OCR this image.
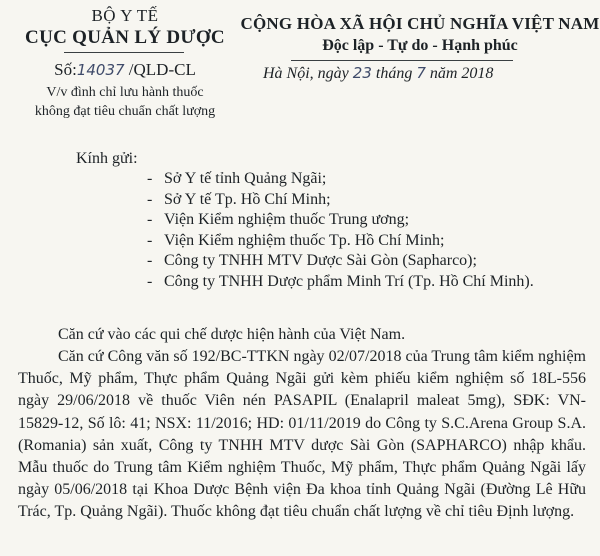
BỘ Y TẾ
CỤC QUẢN LÝ DƯỢC
Số:14037 /QLD-CL
V/v đình chỉ lưu hành thuốc
không đạt tiêu chuẩn chất lượng
CỘNG HÒA XÃ HỘI CHỦ NGHĨA VIỆT NAM
Độc lập - Tự do - Hạnh phúc
Hà Nội, ngày 23 tháng 7 năm 2018
Kính gửi:
- Sở Y tế tỉnh Quảng Ngãi;
- Sở Y tế Tp. Hồ Chí Minh;
- Viện Kiểm nghiệm thuốc Trung ương;
- Viện Kiểm nghiệm thuốc Tp. Hồ Chí Minh;
- Công ty TNHH MTV Dược Sài Gòn (Sapharco);
- Công ty TNHH Dược phẩm Minh Trí (Tp. Hồ Chí Minh).
Căn cứ vào các qui chế dược hiện hành của Việt Nam.
Căn cứ Công văn số 192/BC-TTKN ngày 02/07/2018 của Trung tâm kiểm nghiệm Thuốc, Mỹ phẩm, Thực phẩm Quảng Ngãi gửi kèm phiếu kiểm nghiệm số 18L-556 ngày 29/06/2018 về thuốc Viên nén PASAPIL (Enalapril maleat 5mg), SĐK: VN-15829-12, Số lô: 41; NSX: 11/2016; HD: 01/11/2019 do Công ty S.C.Arena Group S.A. (Romania) sản xuất, Công ty TNHH MTV dược Sài Gòn (SAPHARCO) nhập khẩu. Mẫu thuốc do Trung tâm Kiểm nghiệm Thuốc, Mỹ phẩm, Thực phẩm Quảng Ngãi lấy ngày 05/06/2018 tại Khoa Dược Bệnh viện Đa khoa tỉnh Quảng Ngãi (Đường Lê Hữu Trác, Tp. Quảng Ngãi). Thuốc không đạt tiêu chuẩn chất lượng về chỉ tiêu Định lượng.
